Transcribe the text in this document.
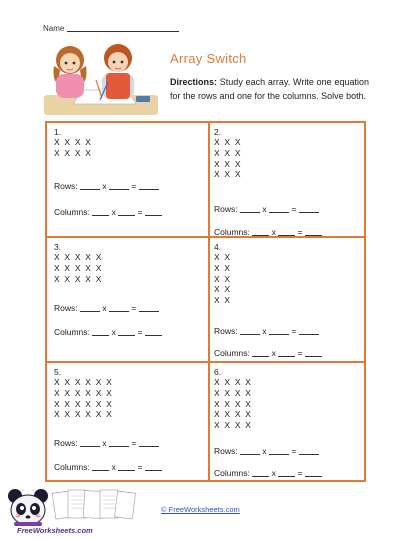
Name
Array Switch
Directions: Study each array. Write one equation for the rows and one for the columns. Solve both.
1.
X X X X
X X X X
Rows:	x	=
Columns:	x	=
2.
X X X
X X X
X X X
X X X
Rows:	x	=
Columns:	x	=
3.
X X X X X
X X X X X
X X X X X
Rows:	x	=
Columns:	x	=
4.
X X
X X
X X
X X
X X
Rows:	x	=
Columns:	x	=
5.
X X X X X X
X X X X X X
X X X X X X
X X X X X X
Rows:	x	=
Columns:	x	=
6.
X X X X
X X X X
X X X X
X X X X
X X X X
Rows:	x	=
Columns:	x	=
FreeWorksheets.com
© FreeWorksheets.com
